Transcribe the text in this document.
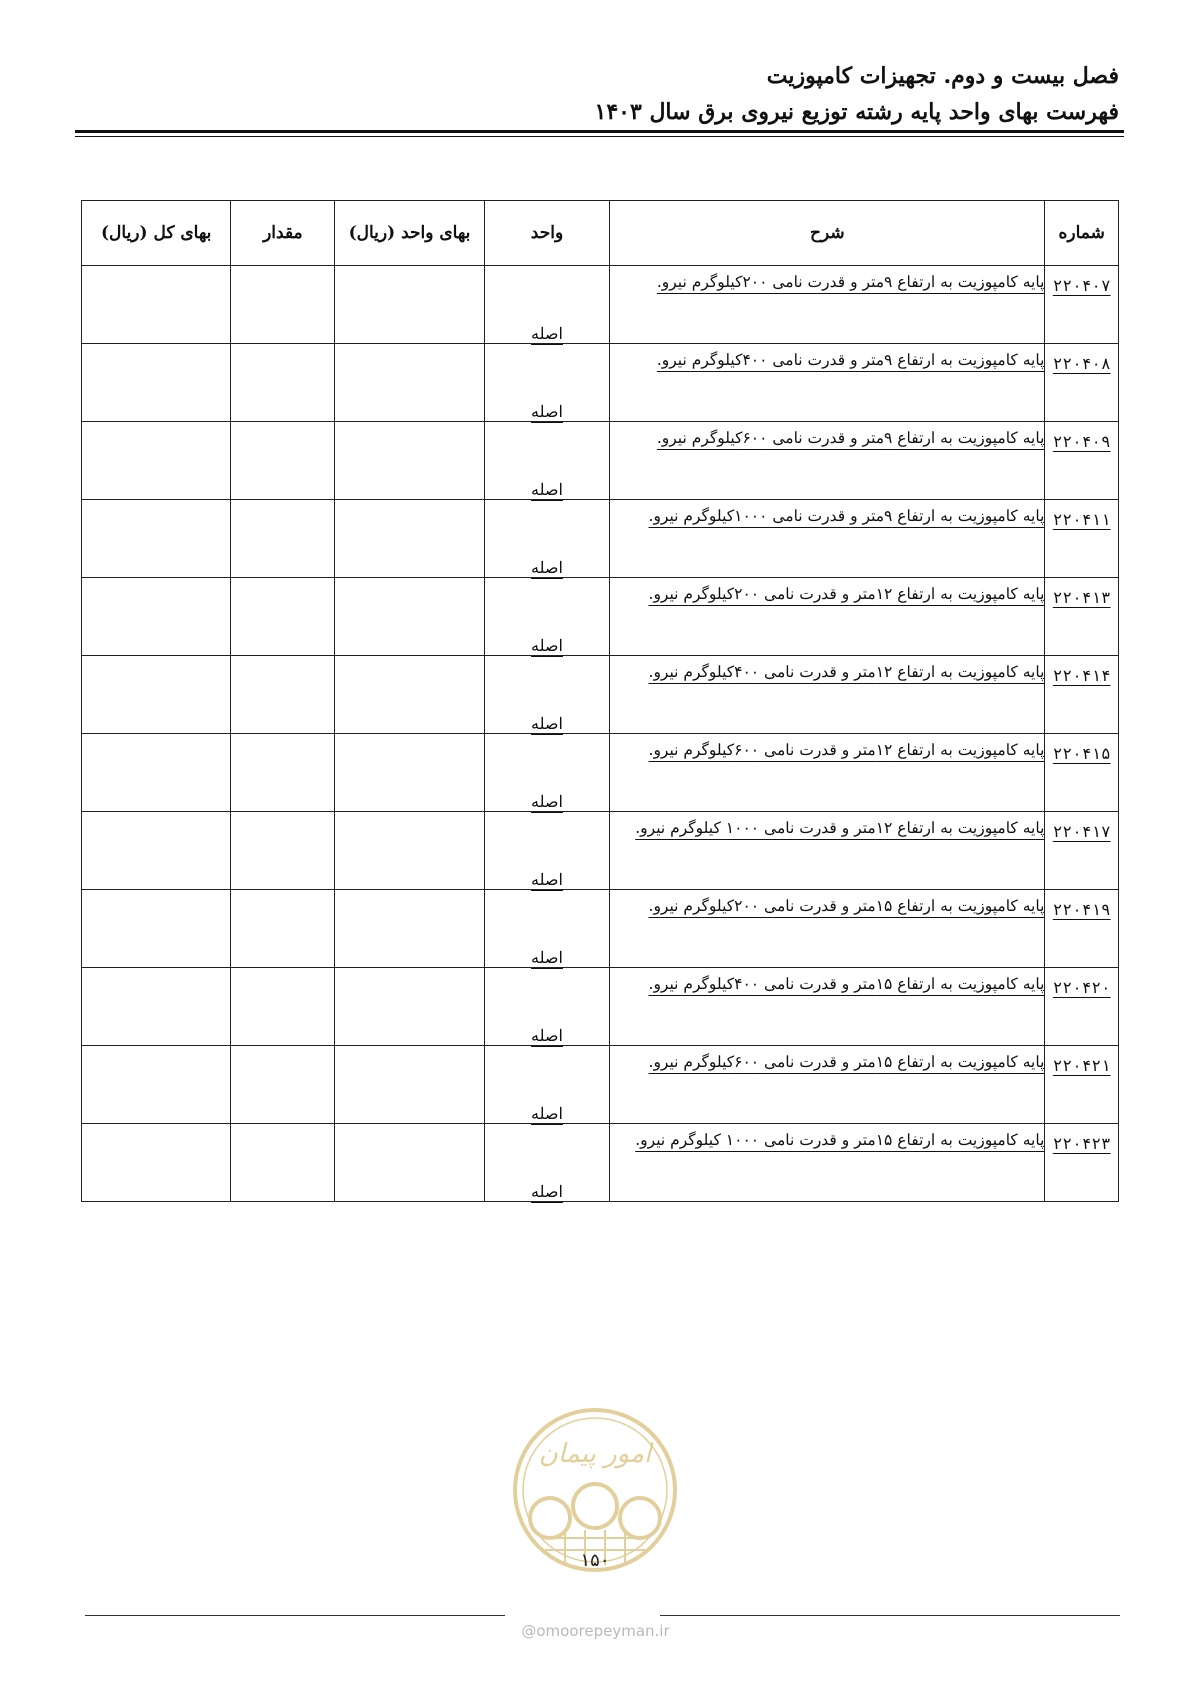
فصل بیست و دوم. تجهیزات کامپوزیت
فهرست بهای واحد پایه رشته توزیع نیروی برق سال ۱۴۰۳
شماره	شرح	واحد	بهای واحد (ریال)	مقدار	بهای کل (ریال)
۲۲۰۴۰۷	پایه کامپوزیت به ارتفاع ۹متر و قدرت نامی ۲۰۰کیلوگرم نیرو.	اصله			
۲۲۰۴۰۸	پایه کامپوزیت به ارتفاع ۹متر و قدرت نامی ۴۰۰کیلوگرم نیرو.	اصله			
۲۲۰۴۰۹	پایه کامپوزیت به ارتفاع ۹متر و قدرت نامی ۶۰۰کیلوگرم نیرو.	اصله			
۲۲۰۴۱۱	پایه کامپوزیت به ارتفاع ۹متر و قدرت نامی ۱۰۰۰کیلوگرم نیرو.	اصله			
۲۲۰۴۱۳	پایه کامپوزیت به ارتفاع ۱۲متر و قدرت نامی ۲۰۰کیلوگرم نیرو.	اصله			
۲۲۰۴۱۴	پایه کامپوزیت به ارتفاع ۱۲متر و قدرت نامی ۴۰۰کیلوگرم نیرو.	اصله			
۲۲۰۴۱۵	پایه کامپوزیت به ارتفاع ۱۲متر و قدرت نامی ۶۰۰کیلوگرم نیرو.	اصله			
۲۲۰۴۱۷	پایه کامپوزیت به ارتفاع ۱۲متر و قدرت نامی ۱۰۰۰ کیلوگرم نیرو.	اصله			
۲۲۰۴۱۹	پایه کامپوزیت به ارتفاع ۱۵متر و قدرت نامی ۲۰۰کیلوگرم نیرو.	اصله			
۲۲۰۴۲۰	پایه کامپوزیت به ارتفاع ۱۵متر و قدرت نامی ۴۰۰کیلوگرم نیرو.	اصله			
۲۲۰۴۲۱	پایه کامپوزیت به ارتفاع ۱۵متر و قدرت نامی ۶۰۰کیلوگرم نیرو.	اصله			
۲۲۰۴۲۳	پایه کامپوزیت به ارتفاع ۱۵متر و قدرت نامی ۱۰۰۰ کیلوگرم نیرو.	اصله			
امور پیمان
۱۵۰
@omoorepeyman.ir
